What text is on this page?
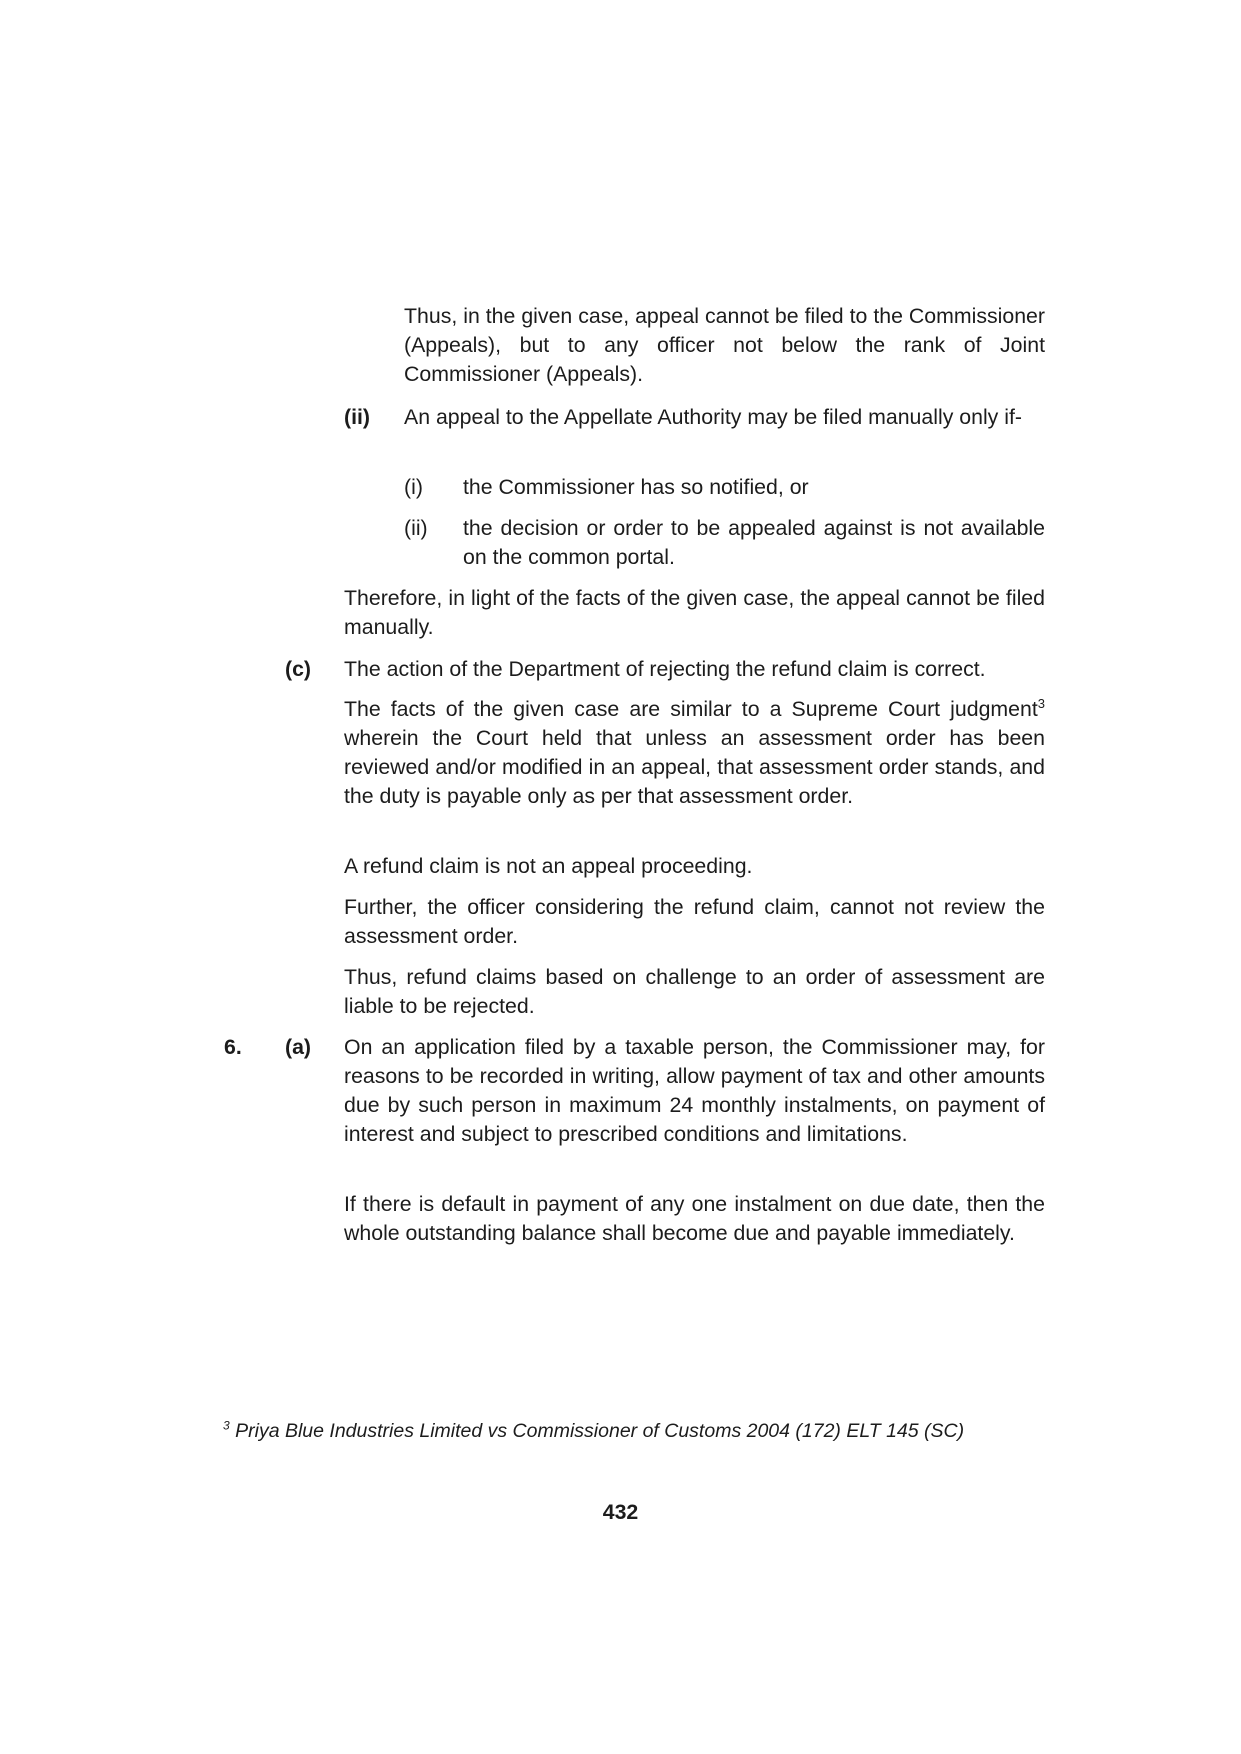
Thus, in the given case, appeal cannot be filed to the Commissioner (Appeals), but to any officer not below the rank of Joint Commissioner (Appeals).

(ii) An appeal to the Appellate Authority may be filed manually only if-

(i) the Commissioner has so notified, or

(ii) the decision or order to be appealed against is not available on the common portal.

Therefore, in light of the facts of the given case, the appeal cannot be filed manually.

(c) The action of the Department of rejecting the refund claim is correct.

The facts of the given case are similar to a Supreme Court judgment$^3$ wherein the Court held that unless an assessment order has been reviewed and/or modified in an appeal, that assessment order stands, and the duty is payable only as per that assessment order.

A refund claim is not an appeal proceeding.

Further, the officer considering the refund claim, cannot not review the assessment order.

Thus, refund claims based on challenge to an order of assessment are liable to be rejected.

6. (a) On an application filed by a taxable person, the Commissioner may, for reasons to be recorded in writing, allow payment of tax and other amounts due by such person in maximum 24 monthly instalments, on payment of interest and subject to prescribed conditions and limitations.

If there is default in payment of any one instalment on due date, then the whole outstanding balance shall become due and payable immediately.

$^3$ Priya Blue Industries Limited vs Commissioner of Customs 2004 (172) ELT 145 (SC)

432
